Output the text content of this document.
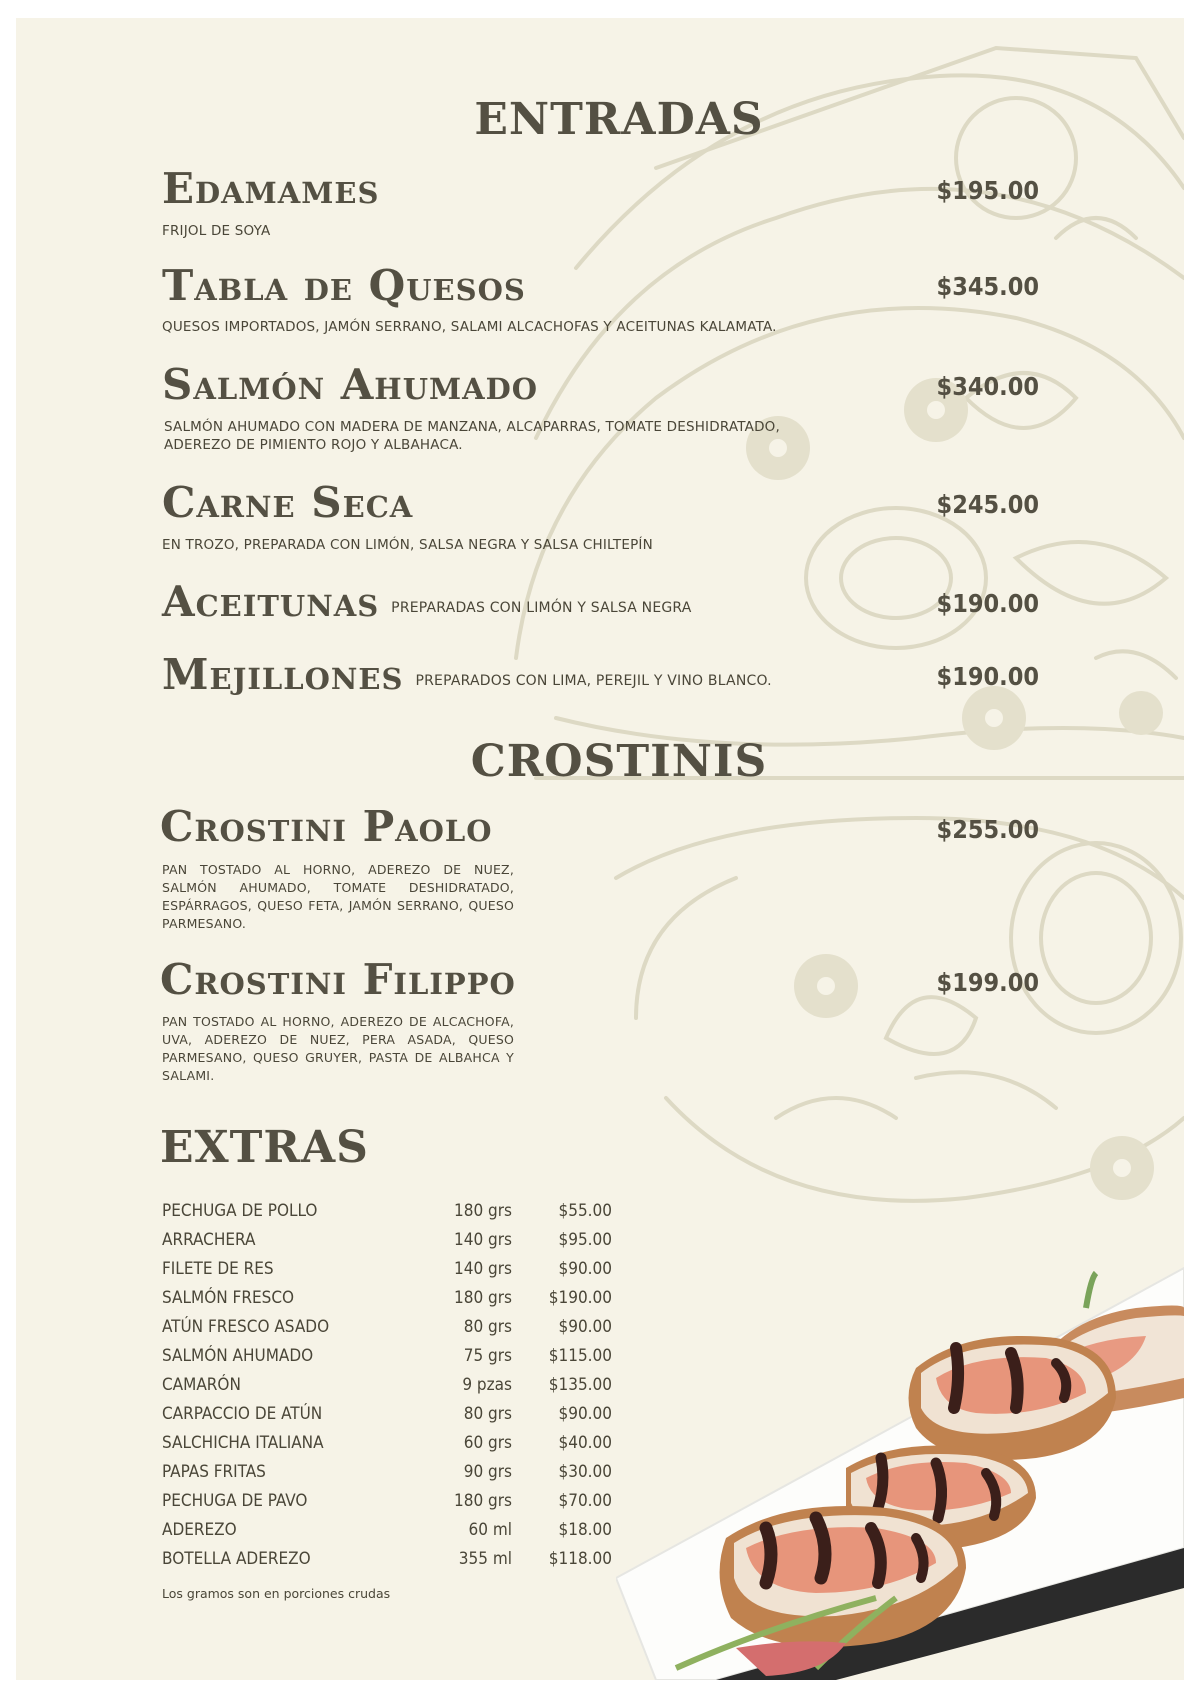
ENTRADAS
Edamames	$195.00
FRIJOL DE SOYA
Tabla de Quesos	$345.00
QUESOS IMPORTADOS, JAMÓN SERRANO, SALAMI ALCACHOFAS Y ACEITUNAS KALAMATA.
Salmón Ahumado	$340.00
SALMÓN AHUMADO CON MADERA DE MANZANA, ALCAPARRAS, TOMATE DESHIDRATADO, ADEREZO DE PIMIENTO ROJO Y ALBAHACA.
Carne Seca	$245.00
EN TROZO, PREPARADA CON LIMÓN, SALSA NEGRA Y SALSA CHILTEPÍN
Aceitunas PREPARADAS CON LIMÓN Y SALSA NEGRA	$190.00
Mejillones PREPARADOS CON LIMA, PEREJIL Y VINO BLANCO.	$190.00
CROSTINIS
Crostini Paolo	$255.00
PAN TOSTADO AL HORNO, ADEREZO DE NUEZ, SALMÓN AHUMADO, TOMATE DESHIDRATADO, ESPÁRRAGOS, QUESO FETA, JAMÓN SERRANO, QUESO PARMESANO.
Crostini Filippo	$199.00
PAN TOSTADO AL HORNO, ADEREZO DE ALCACHOFA, UVA, ADEREZO DE NUEZ, PERA ASADA, QUESO PARMESANO, QUESO GRUYER, PASTA DE ALBAHCA Y SALAMI.
EXTRAS
PECHUGA DE POLLO	180 grs	$55.00
ARRACHERA	140 grs	$95.00
FILETE DE RES	140 grs	$90.00
SALMÓN FRESCO	180 grs	$190.00
ATÚN FRESCO ASADO	80 grs	$90.00
SALMÓN AHUMADO	75 grs	$115.00
CAMARÓN	9 pzas	$135.00
CARPACCIO DE ATÚN	80 grs	$90.00
SALCHICHA ITALIANA	60 grs	$40.00
PAPAS FRITAS	90 grs	$30.00
PECHUGA DE PAVO	180 grs	$70.00
ADEREZO	60 ml	$18.00
BOTELLA ADEREZO	355 ml	$118.00
Los gramos son en porciones crudas
